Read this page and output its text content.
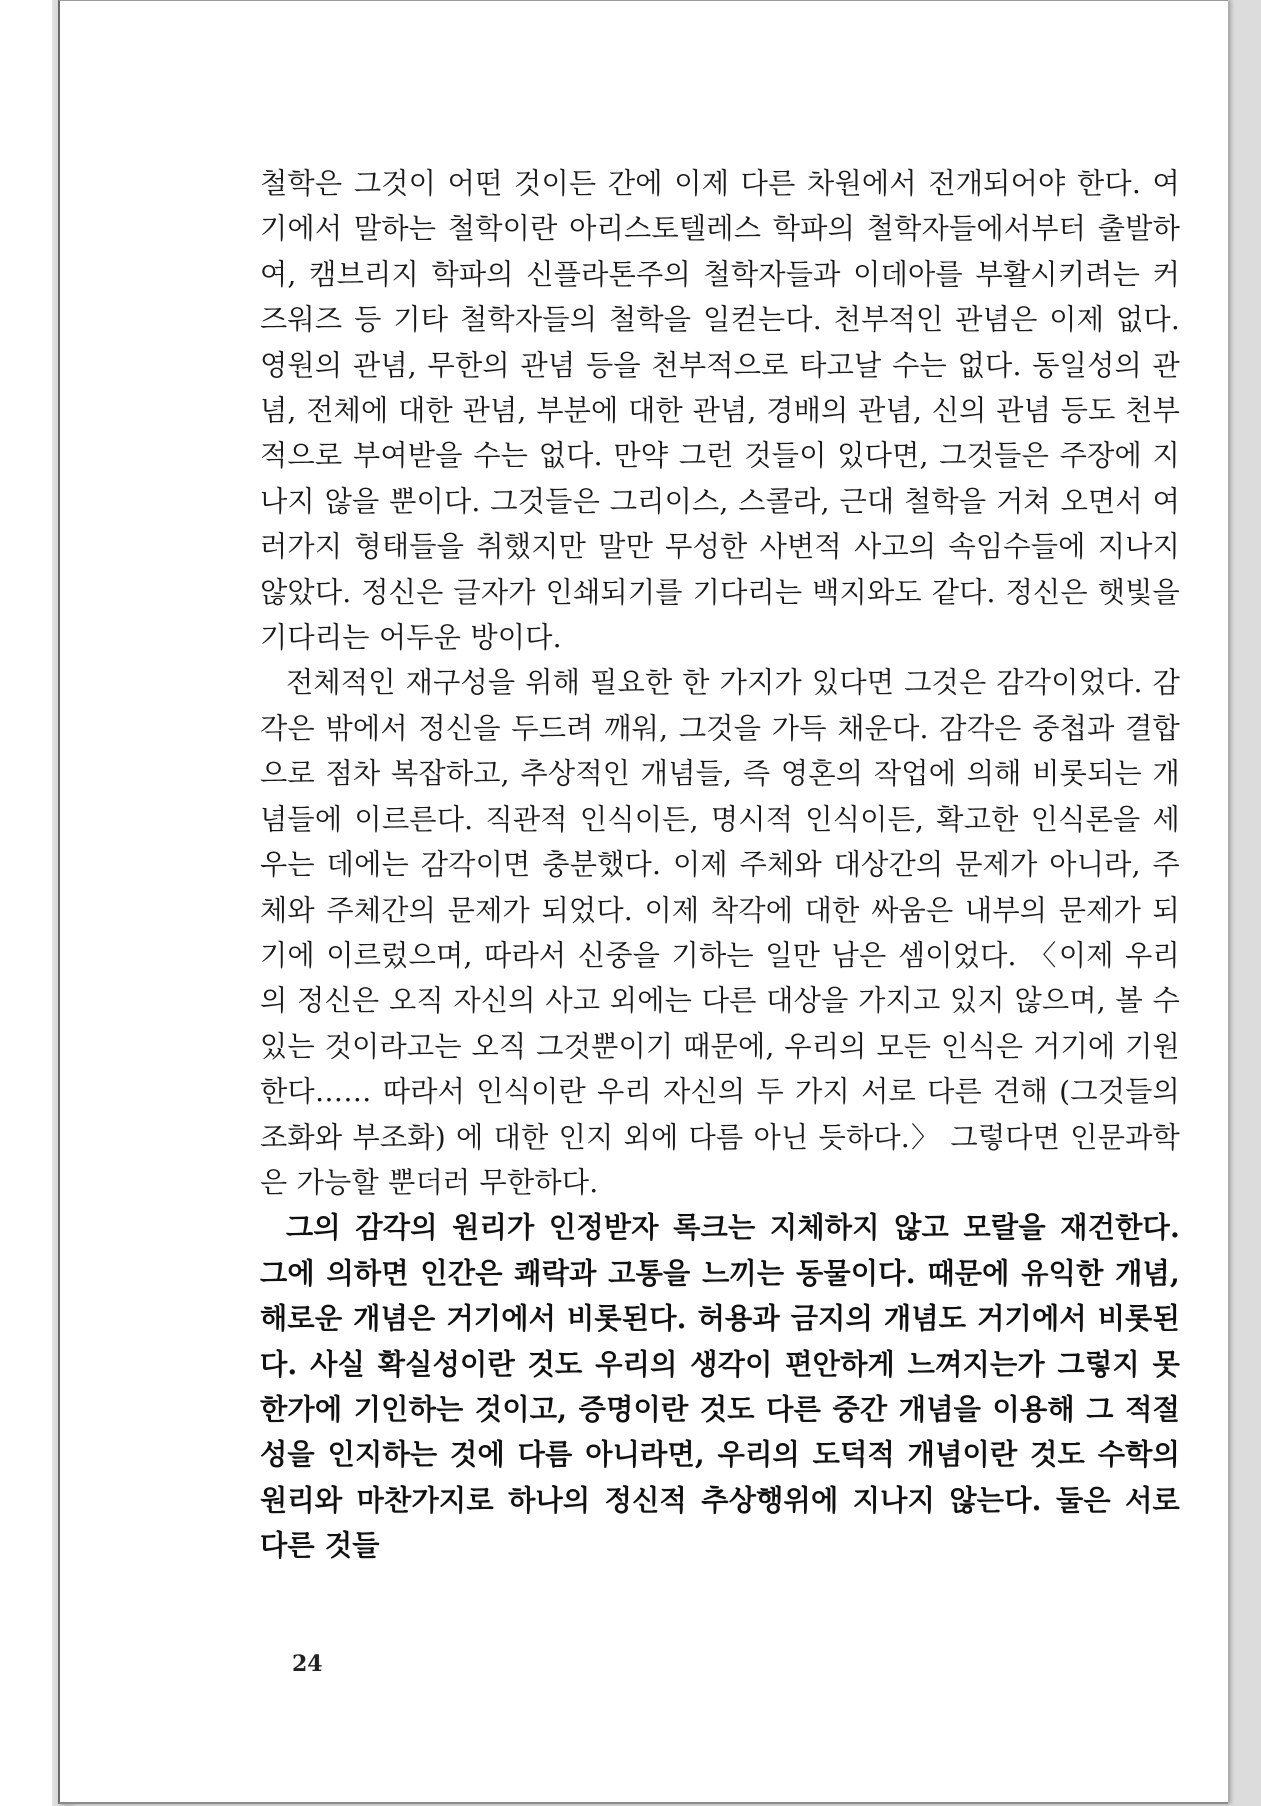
철학은 그것이 어떤 것이든 간에 이제 다른 차원에서 전개되어야 한다. 여기에서 말하는 철학이란 아리스토텔레스 학파의 철학자들에서부터 출발하여, 캠브리지 학파의 신플라톤주의 철학자들과 이데아를 부활시키려는 커즈워즈 등 기타 철학자들의 철학을 일컫는다. 천부적인 관념은 이제 없다. 영원의 관념, 무한의 관념 등을 천부적으로 타고날 수는 없다. 동일성의 관념, 전체에 대한 관념, 부분에 대한 관념, 경배의 관념, 신의 관념 등도 천부적으로 부여받을 수는 없다. 만약 그런 것들이 있다면, 그것들은 주장에 지나지 않을 뿐이다. 그것들은 그리이스, 스콜라, 근대 철학을 거쳐 오면서 여러가지 형태들을 취했지만 말만 무성한 사변적 사고의 속임수들에 지나지 않았다. 정신은 글자가 인쇄되기를 기다리는 백지와도 같다. 정신은 햇빛을 기다리는 어두운 방이다.

전체적인 재구성을 위해 필요한 한 가지가 있다면 그것은 감각이었다. 감각은 밖에서 정신을 두드려 깨워, 그것을 가득 채운다. 감각은 중첩과 결합으로 점차 복잡하고, 추상적인 개념들, 즉 영혼의 작업에 의해 비롯되는 개념들에 이르른다. 직관적 인식이든, 명시적 인식이든, 확고한 인식론을 세우는 데에는 감각이면 충분했다. 이제 주체와 대상간의 문제가 아니라, 주체와 주체간의 문제가 되었다. 이제 착각에 대한 싸움은 내부의 문제가 되기에 이르렀으며, 따라서 신중을 기하는 일만 남은 셈이었다. 〈이제 우리의 정신은 오직 자신의 사고 외에는 다른 대상을 가지고 있지 않으며, 볼 수 있는 것이라고는 오직 그것뿐이기 때문에, 우리의 모든 인식은 거기에 기원한다…… 따라서 인식이란 우리 자신의 두 가지 서로 다른 견해 (그것들의 조화와 부조화) 에 대한 인지 외에 다름 아닌 듯하다.〉 그렇다면 인문과학은 가능할 뿐더러 무한하다.

그의 감각의 원리가 인정받자 록크는 지체하지 않고 모랄을 재건한다. 그에 의하면 인간은 쾌락과 고통을 느끼는 동물이다. 때문에 유익한 개념, 해로운 개념은 거기에서 비롯된다. 허용과 금지의 개념도 거기에서 비롯된다. 사실 확실성이란 것도 우리의 생각이 편안하게 느껴지는가 그렇지 못한가에 기인하는 것이고, 증명이란 것도 다른 중간 개념을 이용해 그 적절성을 인지하는 것에 다름 아니라면, 우리의 도덕적 개념이란 것도 수학의 원리와 마찬가지로 하나의 정신적 추상행위에 지나지 않는다. 둘은 서로 다른 것들

24
